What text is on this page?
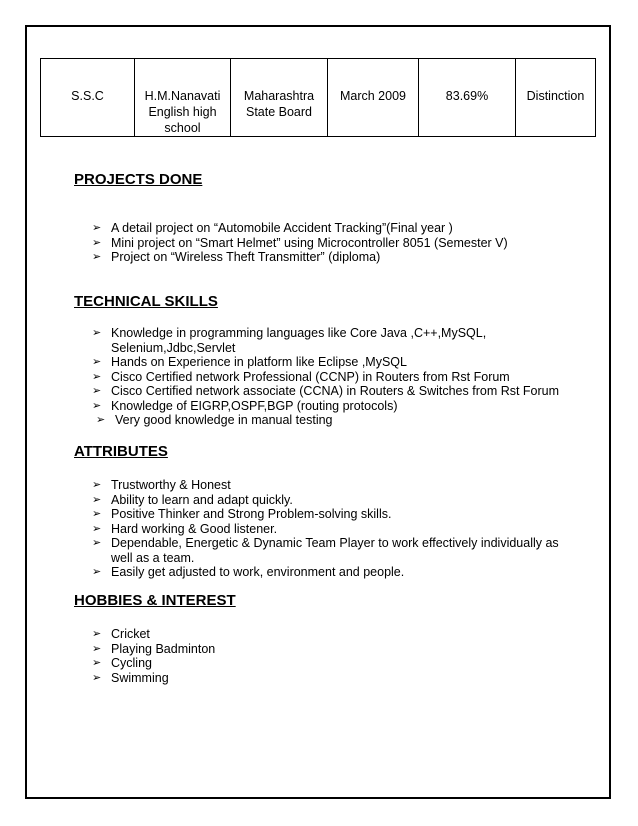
S.S.C	H.M.Nanavati English high school	Maharashtra State Board	March 2009	83.69%	Distinction
PROJECTS DONE
➢ A detail project on “Automobile Accident Tracking”(Final year )
➢ Mini project on “Smart Helmet” using Microcontroller 8051 (Semester V)
➢ Project on “Wireless Theft Transmitter” (diploma)
TECHNICAL SKILLS
➢ Knowledge in programming languages like Core Java ,C++,MySQL, Selenium,Jdbc,Servlet
➢ Hands on Experience in platform like Eclipse ,MySQL
➢ Cisco Certified network Professional (CCNP) in Routers from Rst Forum
➢ Cisco Certified network associate (CCNA) in Routers & Switches from Rst Forum
➢ Knowledge of EIGRP,OSPF,BGP (routing protocols)
➢ Very good knowledge in manual testing
ATTRIBUTES
➢ Trustworthy & Honest
➢ Ability to learn and adapt quickly.
➢ Positive Thinker and Strong Problem-solving skills.
➢ Hard working & Good listener.
➢ Dependable, Energetic & Dynamic Team Player to work effectively individually as well as a team.
➢ Easily get adjusted to work, environment and people.
HOBBIES & INTEREST
➢ Cricket
➢ Playing Badminton
➢ Cycling
➢ Swimming
